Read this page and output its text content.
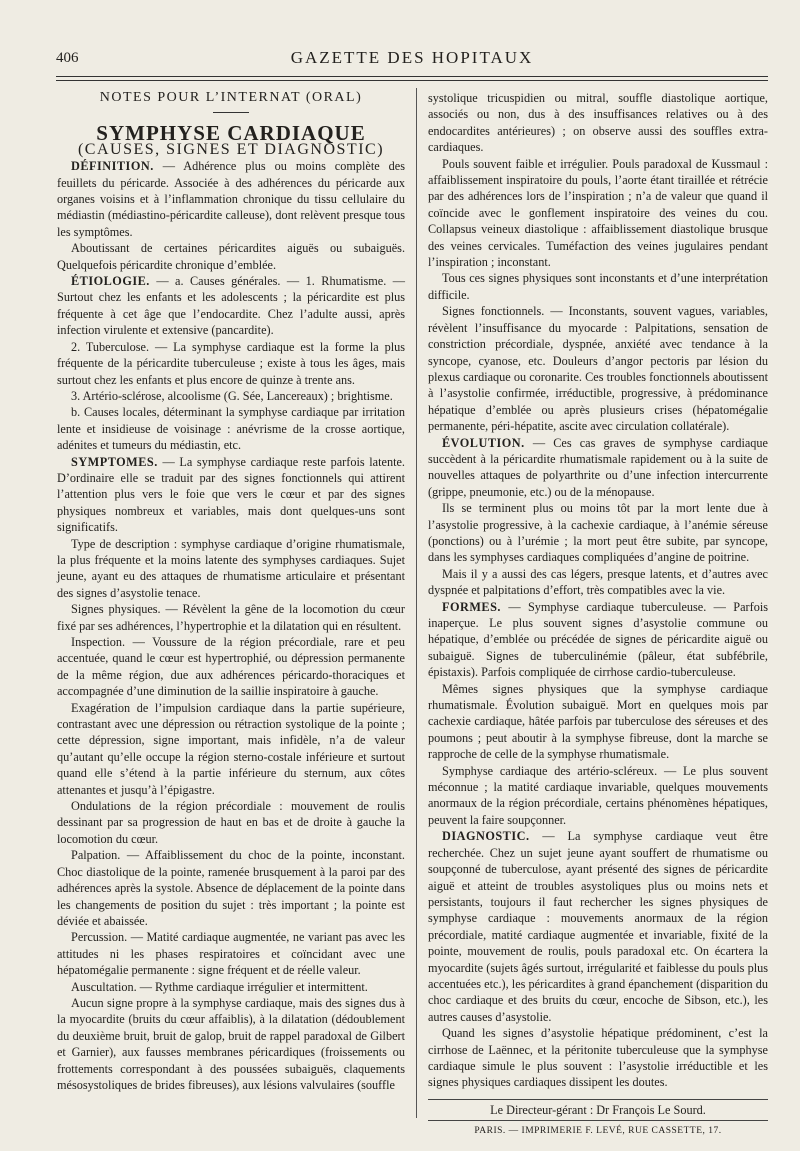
406	GAZETTE DES HOPITAUX

NOTES POUR L’INTERNAT (ORAL)

SYMPHYSE CARDIAQUE

(CAUSES, SIGNES ET DIAGNOSTIC)

DÉFINITION. — Adhérence plus ou moins complète des feuillets du péricarde. Associée à des adhérences du péricarde aux organes voisins et à l’inflammation chronique du tissu cellulaire du médiastin (médiastino-péricardite calleuse), dont relèvent presque tous les symptômes.

Aboutissant de certaines péricardites aiguës ou subaiguës. Quelquefois péricardite chronique d’emblée.

ÉTIOLOGIE. — a. Causes générales. — 1. Rhumatisme. — Surtout chez les enfants et les adolescents ; la péricardite est plus fréquente à cet âge que l’endocardite. Chez l’adulte aussi, après infection virulente et extensive (pancardite).

2. Tuberculose. — La symphyse cardiaque est la forme la plus fréquente de la péricardite tuberculeuse ; existe à tous les âges, mais surtout chez les enfants et plus encore de quinze à trente ans.

3. Artério-sclérose, alcoolisme (G. Sée, Lancereaux) ; brightisme.

b. Causes locales, déterminant la symphyse cardiaque par irritation lente et insidieuse de voisinage : anévrisme de la crosse aortique, adénites et tumeurs du médiastin, etc.

SYMPTOMES. — La symphyse cardiaque reste parfois latente. D’ordinaire elle se traduit par des signes fonctionnels qui attirent l’attention plus vers le foie que vers le cœur et par des signes physiques nombreux et variables, mais dont quelques-uns sont significatifs.

Type de description : symphyse cardiaque d’origine rhumatismale, la plus fréquente et la moins latente des symphyses cardiaques. Sujet jeune, ayant eu des attaques de rhumatisme articulaire et présentant des signes d’asystolie tenace.

Signes physiques. — Révèlent la gêne de la locomotion du cœur fixé par ses adhérences, l’hypertrophie et la dilatation qui en résultent.

Inspection. — Voussure de la région précordiale, rare et peu accentuée, quand le cœur est hypertrophié, ou dépression permanente de la même région, due aux adhérences péricardo-thoraciques et accompagnée d’une diminution de la saillie inspiratoire à gauche.

Exagération de l’impulsion cardiaque dans la partie supérieure, contrastant avec une dépression ou rétraction systolique de la pointe ; cette dépression, signe important, mais infidèle, n’a de valeur qu’autant qu’elle occupe la région sterno-costale inférieure et surtout quand elle s’étend à la partie inférieure du sternum, aux côtes attenantes et jusqu’à l’épigastre.

Ondulations de la région précordiale : mouvement de roulis dessinant par sa progression de haut en bas et de droite à gauche la locomotion du cœur.

Palpation. — Affaiblissement du choc de la pointe, inconstant. Choc diastolique de la pointe, ramenée brusquement à la paroi par des adhérences après la systole. Absence de déplacement de la pointe dans les changements de position du sujet : très important ; la pointe est déviée et abaissée.

Percussion. — Matité cardiaque augmentée, ne variant pas avec les attitudes ni les phases respiratoires et coïncidant avec une hépatomégalie permanente : signe fréquent et de réelle valeur.

Auscultation. — Rythme cardiaque irrégulier et intermittent.

Aucun signe propre à la symphyse cardiaque, mais des signes dus à la myocardite (bruits du cœur affaiblis), à la dilatation (dédoublement du deuxième bruit, bruit de galop, bruit de rappel paradoxal de Gilbert et Garnier), aux fausses membranes péricardiques (froissements ou frottements correspondant à des poussées subaiguës, claquements mésosystoliques de brides fibreuses), aux lésions valvulaires (souffle

systolique tricuspidien ou mitral, souffle diastolique aortique, associés ou non, dus à des insuffisances relatives ou à des endocardites antérieures) ; on observe aussi des souffles extra-cardiaques.

Pouls souvent faible et irrégulier. Pouls paradoxal de Kussmaul : affaiblissement inspiratoire du pouls, l’aorte étant tiraillée et rétrécie par des adhérences lors de l’inspiration ; n’a de valeur que quand il coïncide avec le gonflement inspiratoire des veines du cou. Collapsus veineux diastolique : affaiblissement diastolique brusque des veines cervicales. Tuméfaction des veines jugulaires pendant l’inspiration ; inconstant.

Tous ces signes physiques sont inconstants et d’une interprétation difficile.

Signes fonctionnels. — Inconstants, souvent vagues, variables, révèlent l’insuffisance du myocarde : Palpitations, sensation de constriction précordiale, dyspnée, anxiété avec tendance à la syncope, cyanose, etc. Douleurs d’angor pectoris par lésion du plexus cardiaque ou coronarite. Ces troubles fonctionnels aboutissent à l’asystolie confirmée, irréductible, progressive, à prédominance hépatique d’emblée ou après plusieurs crises (hépatomégalie permanente, péri-hépatite, ascite avec circulation collatérale).

ÉVOLUTION. — Ces cas graves de symphyse cardiaque succèdent à la péricardite rhumatismale rapidement ou à la suite de nouvelles attaques de polyarthrite ou d’une infection intercurrente (grippe, pneumonie, etc.) ou de la ménopause.

Ils se terminent plus ou moins tôt par la mort lente due à l’asystolie progressive, à la cachexie cardiaque, à l’anémie séreuse (ponctions) ou à l’urémie ; la mort peut être subite, par syncope, dans les symphyses cardiaques compliquées d’angine de poitrine.

Mais il y a aussi des cas légers, presque latents, et d’autres avec dyspnée et palpitations d’effort, très compatibles avec la vie.

FORMES. — Symphyse cardiaque tuberculeuse. — Parfois inaperçue. Le plus souvent signes d’asystolie commune ou hépatique, d’emblée ou précédée de signes de péricardite aiguë ou subaiguë. Signes de tuberculinémie (pâleur, état subfébrile, épistaxis). Parfois compliquée de cirrhose cardio-tuberculeuse.

Mêmes signes physiques que la symphyse cardiaque rhumatismale. Évolution subaiguë. Mort en quelques mois par cachexie cardiaque, hâtée parfois par tuberculose des séreuses et des poumons ; peut aboutir à la symphyse fibreuse, dont la marche se rapproche de celle de la symphyse rhumatismale.

Symphyse cardiaque des artério-scléreux. — Le plus souvent méconnue ; la matité cardiaque invariable, quelques mouvements anormaux de la région précordiale, certains phénomènes hépatiques, peuvent la faire soupçonner.

DIAGNOSTIC. — La symphyse cardiaque veut être recherchée. Chez un sujet jeune ayant souffert de rhumatisme ou soupçonné de tuberculose, ayant présenté des signes de péricardite aiguë et atteint de troubles asystoliques plus ou moins nets et persistants, toujours il faut rechercher les signes physiques de symphyse cardiaque : mouvements anormaux de la région précordiale, matité cardiaque augmentée et invariable, fixité de la pointe, mouvement de roulis, pouls paradoxal etc. On écartera la myocardite (sujets âgés surtout, irrégularité et faiblesse du pouls plus accentuées etc.), les péricardites à grand épanchement (disparition du choc cardiaque et des bruits du cœur, encoche de Sibson, etc.), les autres causes d’asystolie.

Quand les signes d’asystolie hépatique prédominent, c’est la cirrhose de Laënnec, et la péritonite tuberculeuse que la symphyse cardiaque simule le plus souvent : l’asystolie irréductible et les signes physiques cardiaques dissipent les doutes.

Le Directeur-gérant : Dr François Le Sourd.

PARIS. — IMPRIMERIE F. LEVÉ, RUE CASSETTE, 17.
